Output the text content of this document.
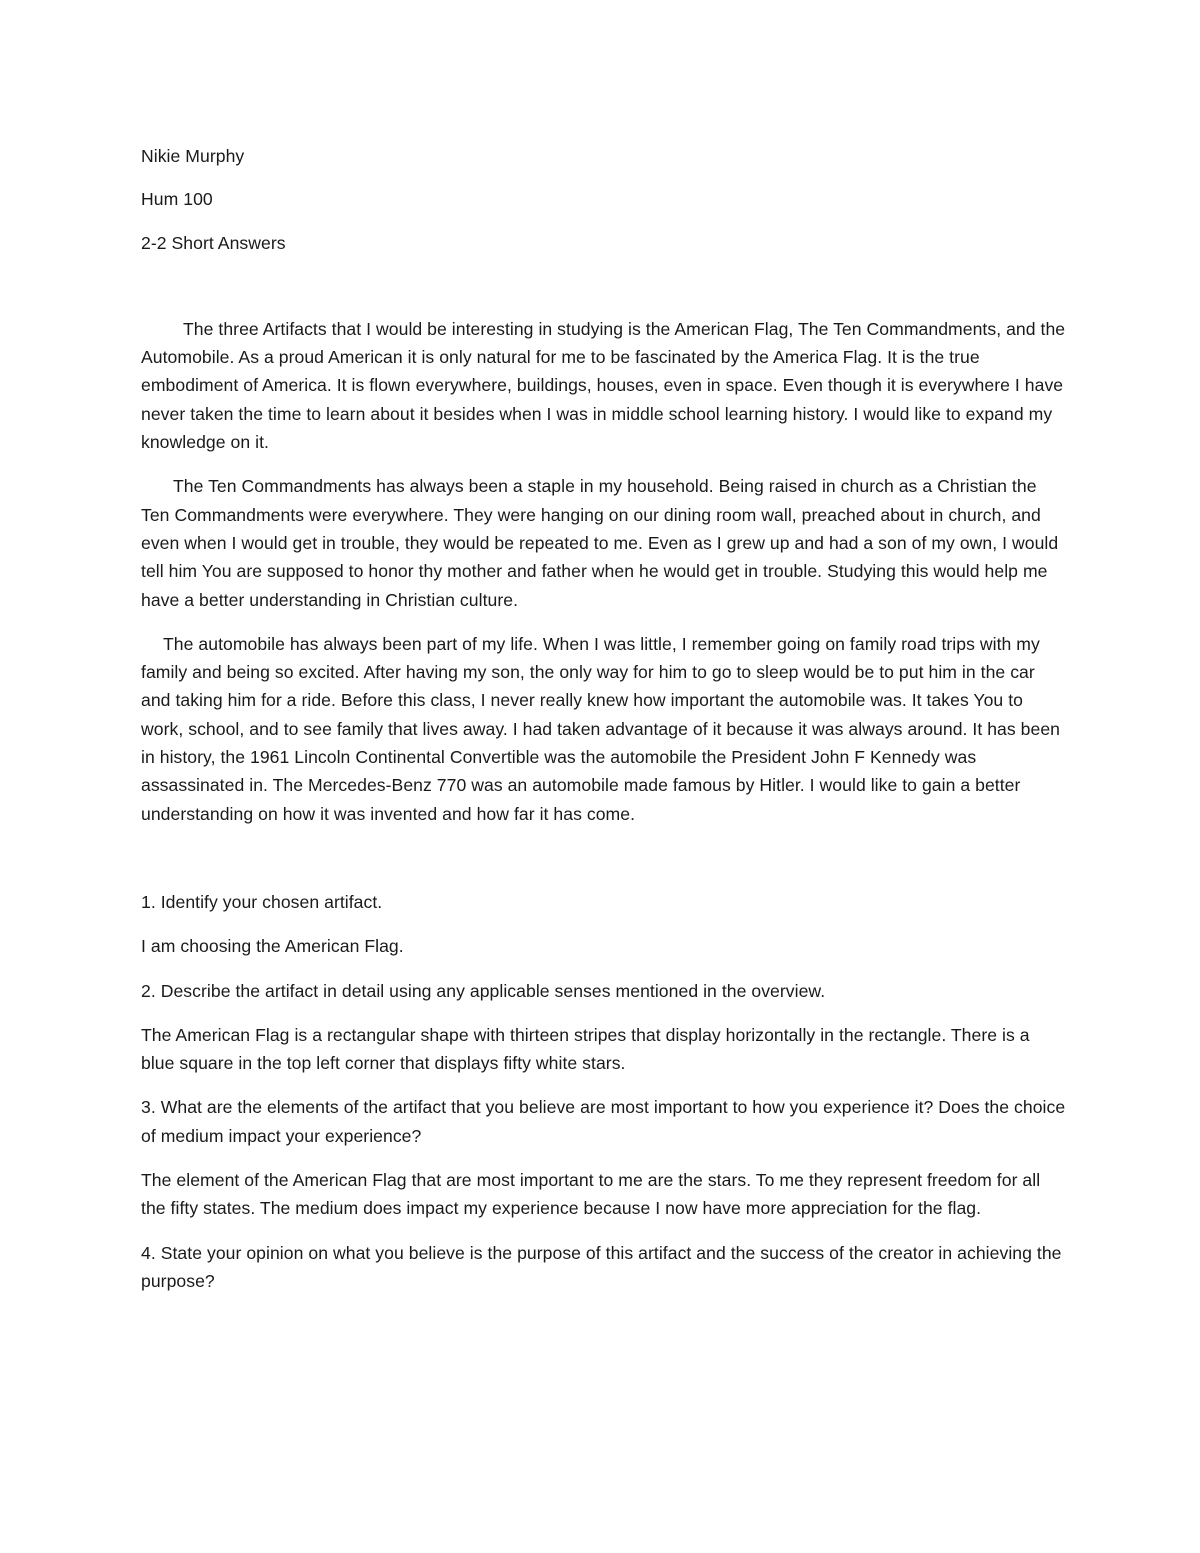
Nikie Murphy
Hum 100
2-2 Short Answers

The three Artifacts that I would be interesting in studying is the American Flag, The Ten Commandments, and the Automobile. As a proud American it is only natural for me to be fascinated by the America Flag. It is the true embodiment of America. It is flown everywhere, buildings, houses, even in space. Even though it is everywhere I have never taken the time to learn about it besides when I was in middle school learning history. I would like to expand my knowledge on it.

The Ten Commandments has always been a staple in my household. Being raised in church as a Christian the Ten Commandments were everywhere. They were hanging on our dining room wall, preached about in church, and even when I would get in trouble, they would be repeated to me. Even as I grew up and had a son of my own, I would tell him You are supposed to honor thy mother and father when he would get in trouble. Studying this would help me have a better understanding in Christian culture.

The automobile has always been part of my life. When I was little, I remember going on family road trips with my family and being so excited. After having my son, the only way for him to go to sleep would be to put him in the car and taking him for a ride. Before this class, I never really knew how important the automobile was. It takes You to work, school, and to see family that lives away. I had taken advantage of it because it was always around. It has been in history, the 1961 Lincoln Continental Convertible was the automobile the President John F Kennedy was assassinated in. The Mercedes-Benz 770 was an automobile made famous by Hitler. I would like to gain a better understanding on how it was invented and how far it has come.

1. Identify your chosen artifact.

I am choosing the American Flag.

2. Describe the artifact in detail using any applicable senses mentioned in the overview.

The American Flag is a rectangular shape with thirteen stripes that display horizontally in the rectangle. There is a blue square in the top left corner that displays fifty white stars.

3. What are the elements of the artifact that you believe are most important to how you experience it? Does the choice of medium impact your experience?

The element of the American Flag that are most important to me are the stars. To me they represent freedom for all the fifty states. The medium does impact my experience because I now have more appreciation for the flag.

4. State your opinion on what you believe is the purpose of this artifact and the success of the creator in achieving the purpose?
